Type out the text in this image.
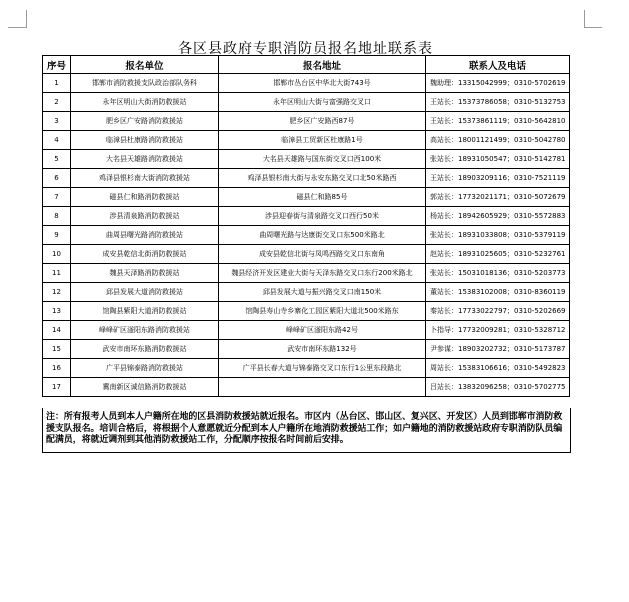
各区县政府专职消防员报名地址联系表
序号	报名单位	报名地址	联系人及电话
1	邯郸市消防救援支队政治部队务科	邯郸市丛台区中华北大街743号	魏助理：13315042999；0310-5702619
2	永年区明山大街消防救援站	永年区明山大街与富强路交叉口	王站长：15373786058；0310-5132753
3	肥乡区广安路消防救援站	肥乡区广安路西87号	王站长：15373861119；0310-5642810
4	临漳县杜康路消防救援站	临漳县工贸新区杜康路1号	高站长：18001121499；0310-5042780
5	大名县天雄路消防救援站	大名县天雄路与国东街交叉口西100米	张站长：18931050547；0310-5142781
6	鸡泽县银杉南大街消防救援站	鸡泽县银杉南大街与永安东路交叉口北50米路西	王站长：18903209116；0310-7521119
7	磁县仁和路消防救援站	磁县仁和路85号	郭站长：17732021171；0310-5072679
8	涉县清泉路消防救援站	涉县迎春街与清泉路交叉口西行50米	杨站长：18942605929；0310-5572883
9	曲周县曙光路消防救援站	曲周曙光路与达康街交叉口东500米路北	张站长：18931033808；0310-5379119
10	成安县乾信北街消防救援站	成安县乾信北街与凤鸣西路交叉口东南角	赵站长：18931025605；0310-5232761
11	魏县天泽路消防救援站	魏县经济开发区建业大街与天泽东路交叉口东行200米路北	张站长：15031018136；0310-5203773
12	邱县发展大道消防救援站	邱县发展大道与振兴路交叉口南150米	董站长：15383102008；0310-8360119
13	馆陶县紫阳大道消防救援站	馆陶县寿山寺乡寨化工园区紫阳大道北500米路东	秦站长：17733022797；0310-5202669
14	峰峰矿区滏阳东路消防救援站	峰峰矿区滏阳东路42号	卜指导：17732009281；0310-5328712
15	武安市南环东路消防救援站	武安市南环东路132号	尹参谋：18903202732；0310-5173787
16	广平县锦泰路消防救援站	广平县长春大道与锦泰路交叉口东行1公里东段路北	周站长：15383106616；0310-5492823
17	冀南新区诚信路消防救援站		吕站长：13832096258；0310-5702775
注：所有报考人员到本人户籍所在地的区县消防救援站就近报名。市区内（丛台区、邯山区、复兴区、开发区）人员到邯郸市消防救援支队报名。培训合格后，将根据个人意愿就近分配到本人户籍所在地消防救援站工作；如户籍地的消防救援站政府专职消防队员编配满员，将就近调剂到其他消防救援站工作，分配顺序按报名时间前后安排。
